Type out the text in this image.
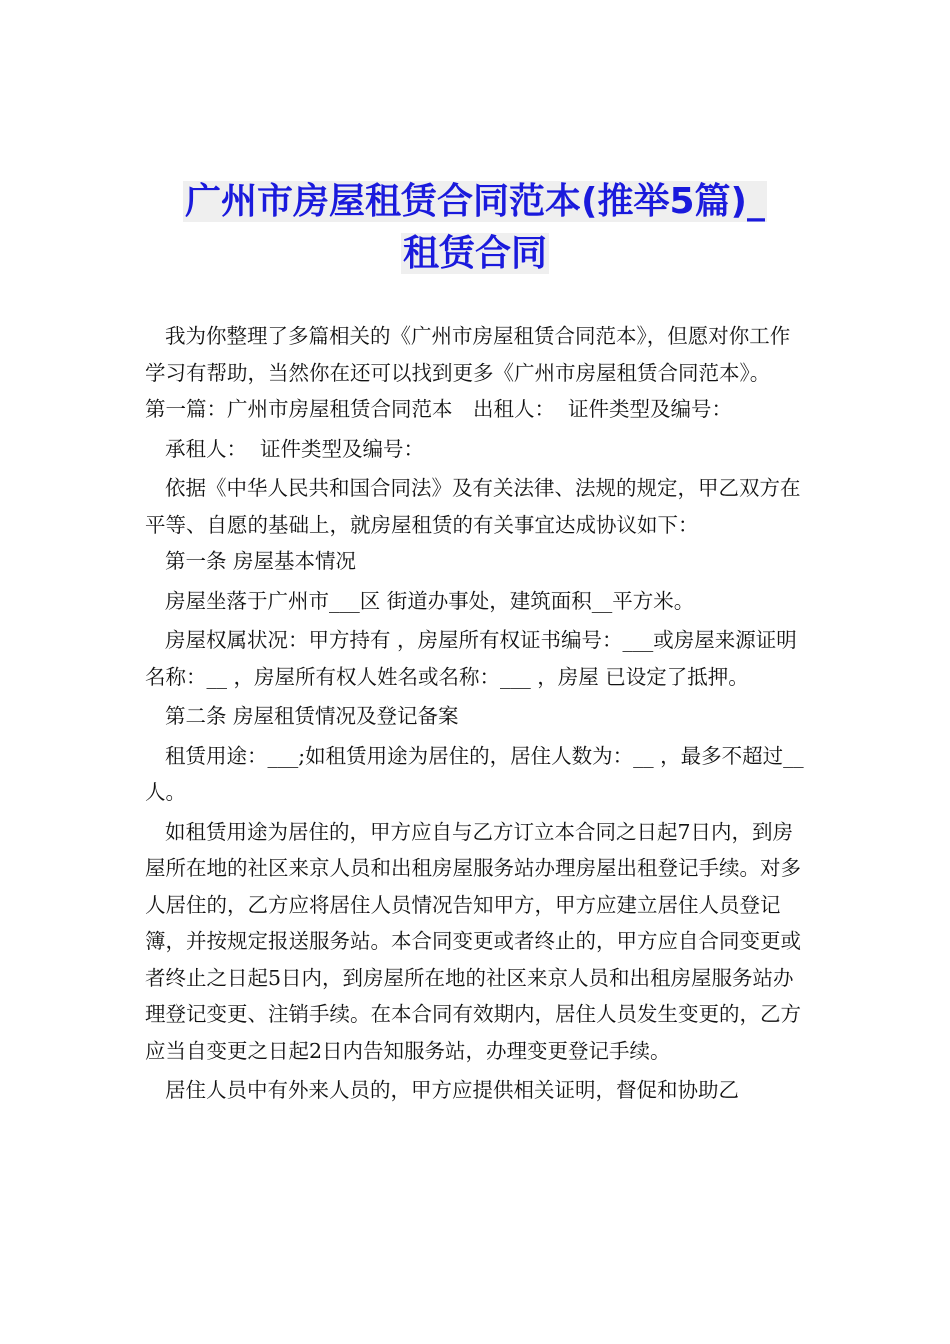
广州市房屋租赁合同范本(推举5篇)_
租赁合同

我为你整理了多篇相关的《广州市房屋租赁合同范本》，但愿对你工作学习有帮助，当然你在还可以找到更多《广州市房屋租赁合同范本》。

第一篇：广州市房屋租赁合同范本　出租人：  证件类型及编号：

承租人：  证件类型及编号：

依据《中华人民共和国合同法》及有关法律、法规的规定，甲乙双方在平等、自愿的基础上，就房屋租赁的有关事宜达成协议如下：

第一条 房屋基本情况

房屋坐落于广州市___区 街道办事处，建筑面积__平方米。

房屋权属状况：甲方持有 ，房屋所有权证书编号：___或房屋来源证明名称：__ ，房屋所有权人姓名或名称：___ ，房屋 已设定了抵押。

第二条 房屋租赁情况及登记备案

租赁用途：___;如租赁用途为居住的，居住人数为：__ ，最多不超过__ 人。

如租赁用途为居住的，甲方应自与乙方订立本合同之日起7日内，到房屋所在地的社区来京人员和出租房屋服务站办理房屋出租登记手续。对多人居住的，乙方应将居住人员情况告知甲方，甲方应建立居住人员登记簿，并按规定报送服务站。本合同变更或者终止的，甲方应自合同变更或者终止之日起5日内，到房屋所在地的社区来京人员和出租房屋服务站办理登记变更、注销手续。在本合同有效期内，居住人员发生变更的，乙方应当自变更之日起2日内告知服务站，办理变更登记手续。

居住人员中有外来人员的，甲方应提供相关证明，督促和协助乙
